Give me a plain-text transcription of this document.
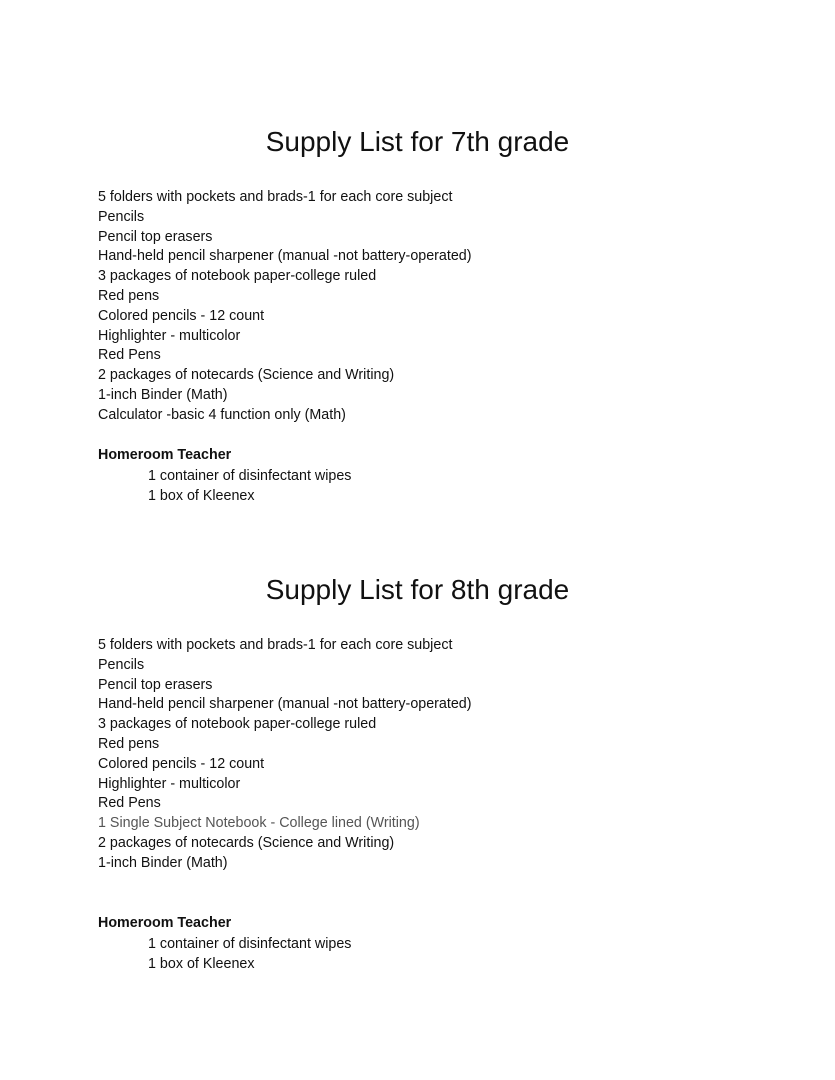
Supply List for 7th grade
5 folders with pockets and brads-1 for each core subject
Pencils
Pencil top erasers
Hand-held pencil sharpener (manual -not battery-operated)
3 packages of notebook paper-college ruled
Red pens
Colored pencils - 12 count
Highlighter - multicolor
Red Pens
2 packages of notecards (Science and Writing)
1-inch Binder (Math)
Calculator -basic 4 function only (Math)
Homeroom Teacher
1 container of disinfectant wipes
1 box of Kleenex
Supply List for 8th grade
5 folders with pockets and brads-1 for each core subject
Pencils
Pencil top erasers
Hand-held pencil sharpener (manual -not battery-operated)
3 packages of notebook paper-college ruled
Red pens
Colored pencils - 12 count
Highlighter - multicolor
Red Pens
1 Single Subject Notebook - College lined (Writing)
2 packages of notecards (Science and Writing)
1-inch Binder (Math)
Homeroom Teacher
1 container of disinfectant wipes
1 box of Kleenex
